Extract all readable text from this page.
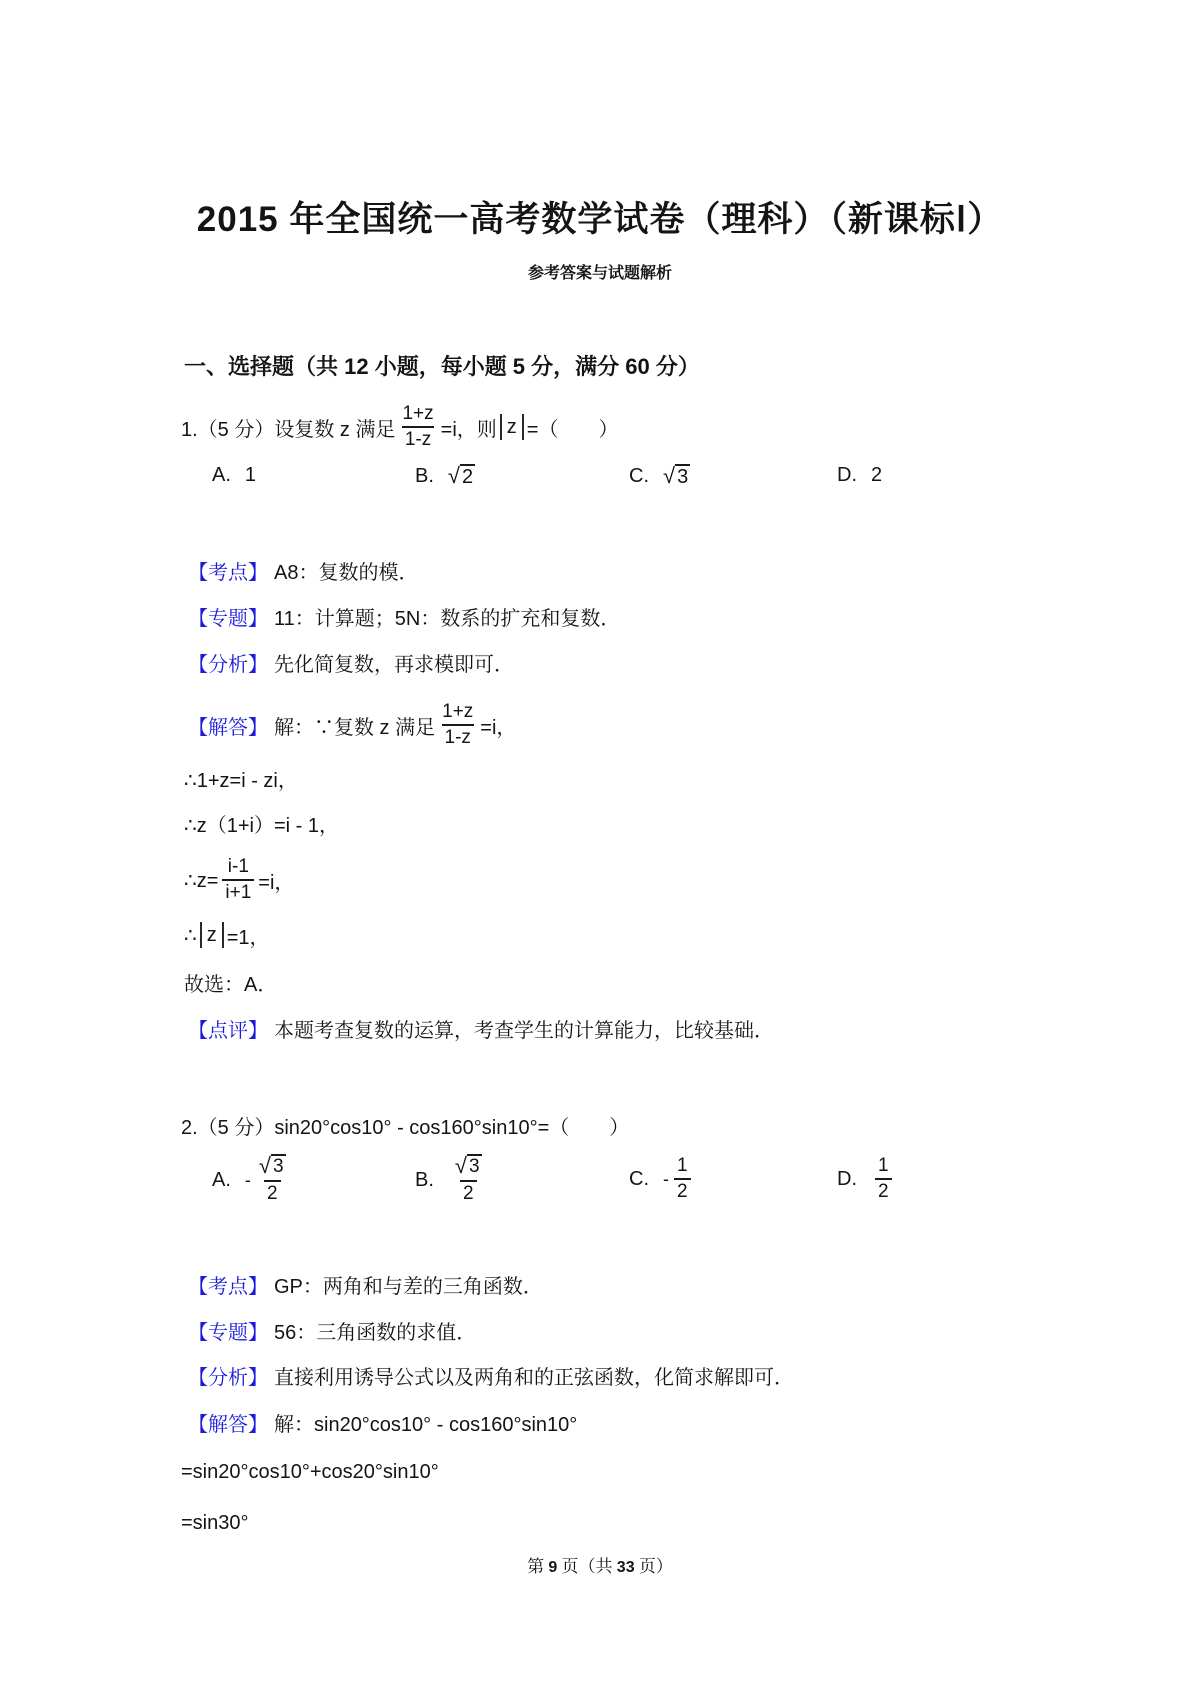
2015 年全国统一高考数学试卷（理科）（新课标Ⅰ）
参考答案与试题解析
一、选择题（共 12 小题，每小题 5 分，满分 60 分）
1.（5 分）设复数 z 满足 $\frac{1+z}{1-z} =i$，则 z =（　　）
A. 1	B. √ 2	C. √ 3	D. 2
【考点】 A8：复数的模．
【专题】 11：计算题；5N：数系的扩充和复数．
【分析】 先化简复数，再求模即可．
【解答】 解：∵复数 z 满足 $\frac{1+z}{1-z} =i$，
∴1+z=i - zi，
∴z（1+i）=i - 1，
∴z= $\frac{i-1}{i+1} =i$，
∴ z =1，
故选：A．
【点评】 本题考查复数的运算，考查学生的计算能力，比较基础．
2.（5 分）sin20°cos10° - cos160°sin10°=（　　）
A. - $\frac{√ 3}{2}$	B. $\frac{√ 3}{2}$	C. - $\frac{1}{2}$	D. $\frac{1}{2}$
【考点】 GP：两角和与差的三角函数．
【专题】 56：三角函数的求值．
【分析】 直接利用诱导公式以及两角和的正弦函数，化简求解即可．
【解答】 解：sin20°cos10° - cos160°sin10°
=sin20°cos10°+cos20°sin10°
=sin30°
第 9 页（共 33 页）
